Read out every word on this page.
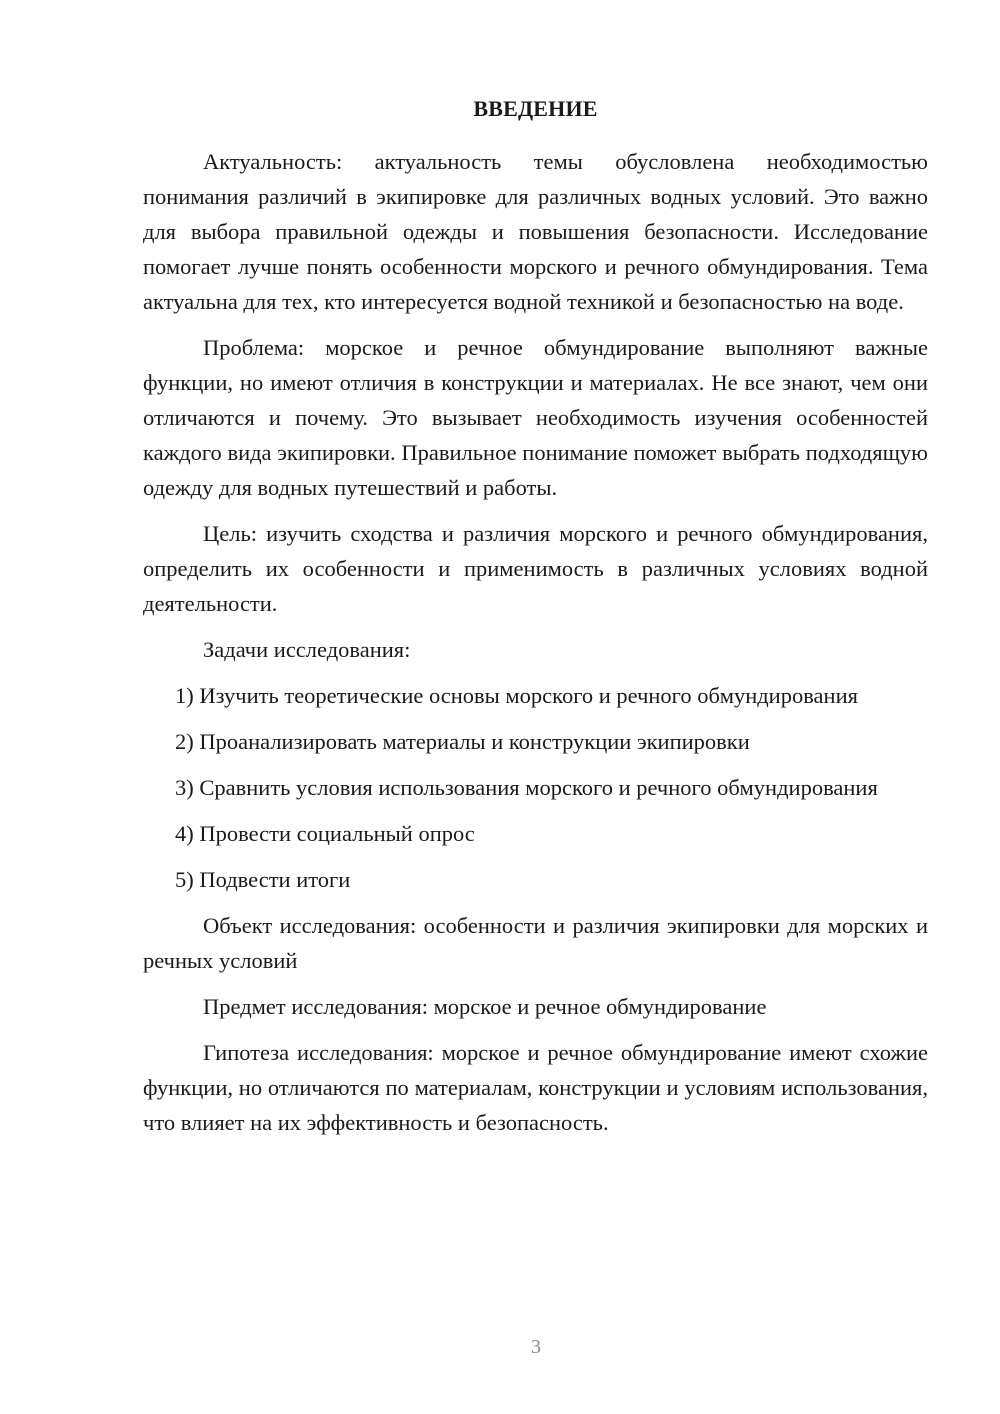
ВВЕДЕНИЕ

Актуальность: актуальность темы обусловлена необходимостью понимания различий в экипировке для различных водных условий. Это важно для выбора правильной одежды и повышения безопасности. Исследование помогает лучше понять особенности морского и речного обмундирования. Тема актуальна для тех, кто интересуется водной техникой и безопасностью на воде.

Проблема: морское и речное обмундирование выполняют важные функции, но имеют отличия в конструкции и материалах. Не все знают, чем они отличаются и почему. Это вызывает необходимость изучения особенностей каждого вида экипировки. Правильное понимание поможет выбрать подходящую одежду для водных путешествий и работы.

Цель: изучить сходства и различия морского и речного обмундирования, определить их особенности и применимость в различных условиях водной деятельности.

Задачи исследования:

1) Изучить теоретические основы морского и речного обмундирования

2) Проанализировать материалы и конструкции экипировки

3) Сравнить условия использования морского и речного обмундирования

4) Провести социальный опрос

5) Подвести итоги

Объект исследования: особенности и различия экипировки для морских и речных условий

Предмет исследования: морское и речное обмундирование

Гипотеза исследования: морское и речное обмундирование имеют схожие функции, но отличаются по материалам, конструкции и условиям использования, что влияет на их эффективность и безопасность.

3
